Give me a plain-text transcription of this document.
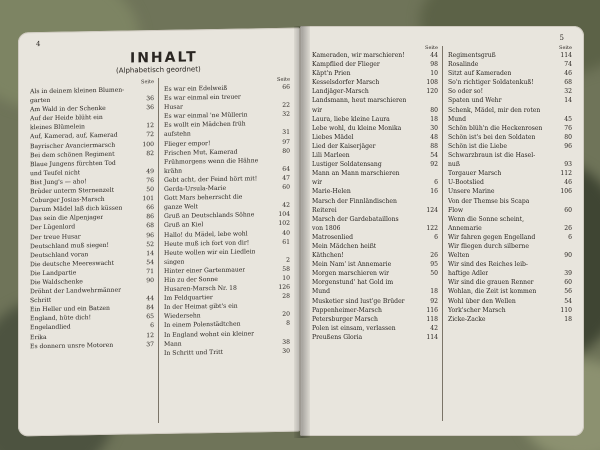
4
INHALT
(Alphabetisch geordnet)
Seite
Als in deinem kleinen Blumen-
garten	36
Am Wald in der Schenke	36
Auf der Heide blüht ein
kleines Blümelein	12
Auf, Kamerad, auf, Kamerad	72
Bayrischer Avanciermarsch	100
Bei dem schönen Regiment	82
Blaue Jungens fürchten Tod
und Teufel nicht	49
Bist Jung's — aho!	76
Brüder unterm Sternenzelt	50
Coburger Josias-Marsch	101
Darum Mädel laß dich küssen	66
Das sein die Alpenjager	86
Der Lügenlord	68
Der treue Husar	96
Deutschland muß siegen!	52
Deutschland voran	14
Die deutsche Meereswacht	54
Die Landpartie	71
Die Waldschenke	90
Dröhnt der Landwehrmänner
Schritt	44
Ein Heller und ein Batzen	84
England, hüte dich!	65
Engelandlied	6
Erika	12
Es donnern unsre Motoren	37
Seite
Es war ein Edelweiß	66
Es war einmal ein treuer
Husar	22
Es war einmal 'ne Müllerin	32
Es wollt ein Mädchen früh
aufstehn	31
Flieger empor!	97
Frischen Mut, Kamerad	80
Frühmorgens wenn die Hähne
krähn	64
Gebt acht, der Feind hört mit!	47
Gerda-Ursula-Marie	60
Gott Mars beherrscht die
ganze Welt	42
Gruß an Deutschlands Söhne	104
Gruß an Kiel	102
Hallo! du Mädel, lebe wohl	40
Heute muß ich fort von dir!	61
Heute wollen wir ein Liedlein
singen	2
Hinter einer Gartenmauer	58
Hin zu der Sonne	10
Husaren-Marsch Nr. 18	126
Im Feldquartier	28
In der Heimat gibt's ein
Wiedersehn	20
In einem Polenstädtchen	8
In England wohnt ein kleiner
Mann	38
In Schritt und Tritt	30
5
Seite
Kameraden, wir marschieren!	44
Kampflied der Flieger	98
Käpt'n Prien	10
Kesselsdorfer Marsch	108
Landjäger-Marsch	120
Landsmann, heut marschieren
wir	80
Laura, liebe kleine Laura	18
Lebe wohl, du kleine Monika	30
Liebes Mädel	48
Lied der Kaiserjäger	88
Lili Marleen	54
Lustiger Soldatensang	92
Mann an Mann marschieren
wir	6
Marie-Helen	16
Marsch der Finnländischen
Reiterei	124
Marsch der Gardebataillons
von 1806	122
Matrosenlied	6
Mein Mädchen heißt
Käthchen!	26
Mein Nam' ist Annemarie	95
Morgen marschieren wir	50
Morgenstund' hat Gold im
Mund	18
Musketier sind lust'ge Brüder	92
Pappenheimer-Marsch	116
Petersburger Marsch	118
Polen ist einsam, verlassen	42
Preußens Gloria	114
Seite
Regimentsgruß	114
Rosalinde	74
Sitzt auf Kameraden	46
So'n richtiger Soldatenkuß!	68
So oder so!	32
Spaten und Wehr	14
Schenk, Mädel, mir den roten
Mund	45
Schön blüh'n die Heckenrosen	76
Schön ist's bei den Soldaten	80
Schön ist die Liebe	96
Schwarzbraun ist die Hasel-
nuß	93
Torgauer Marsch	112
U-Bootslied	46
Unsere Marine	106
Von der Themse bis Scapa
Flow	60
Wenn die Sonne scheint,
Annemarie	26
Wir fahren gegen Engelland	6
Wir fliegen durch silberne
Welten	90
Wir sind des Reiches leib-
haftige Adler	39
Wir sind die grauen Renner	60
Wohlan, die Zeit ist kommen	56
Wohl über den Wellen	54
York'scher Marsch	110
Zicke-Zacke	18
